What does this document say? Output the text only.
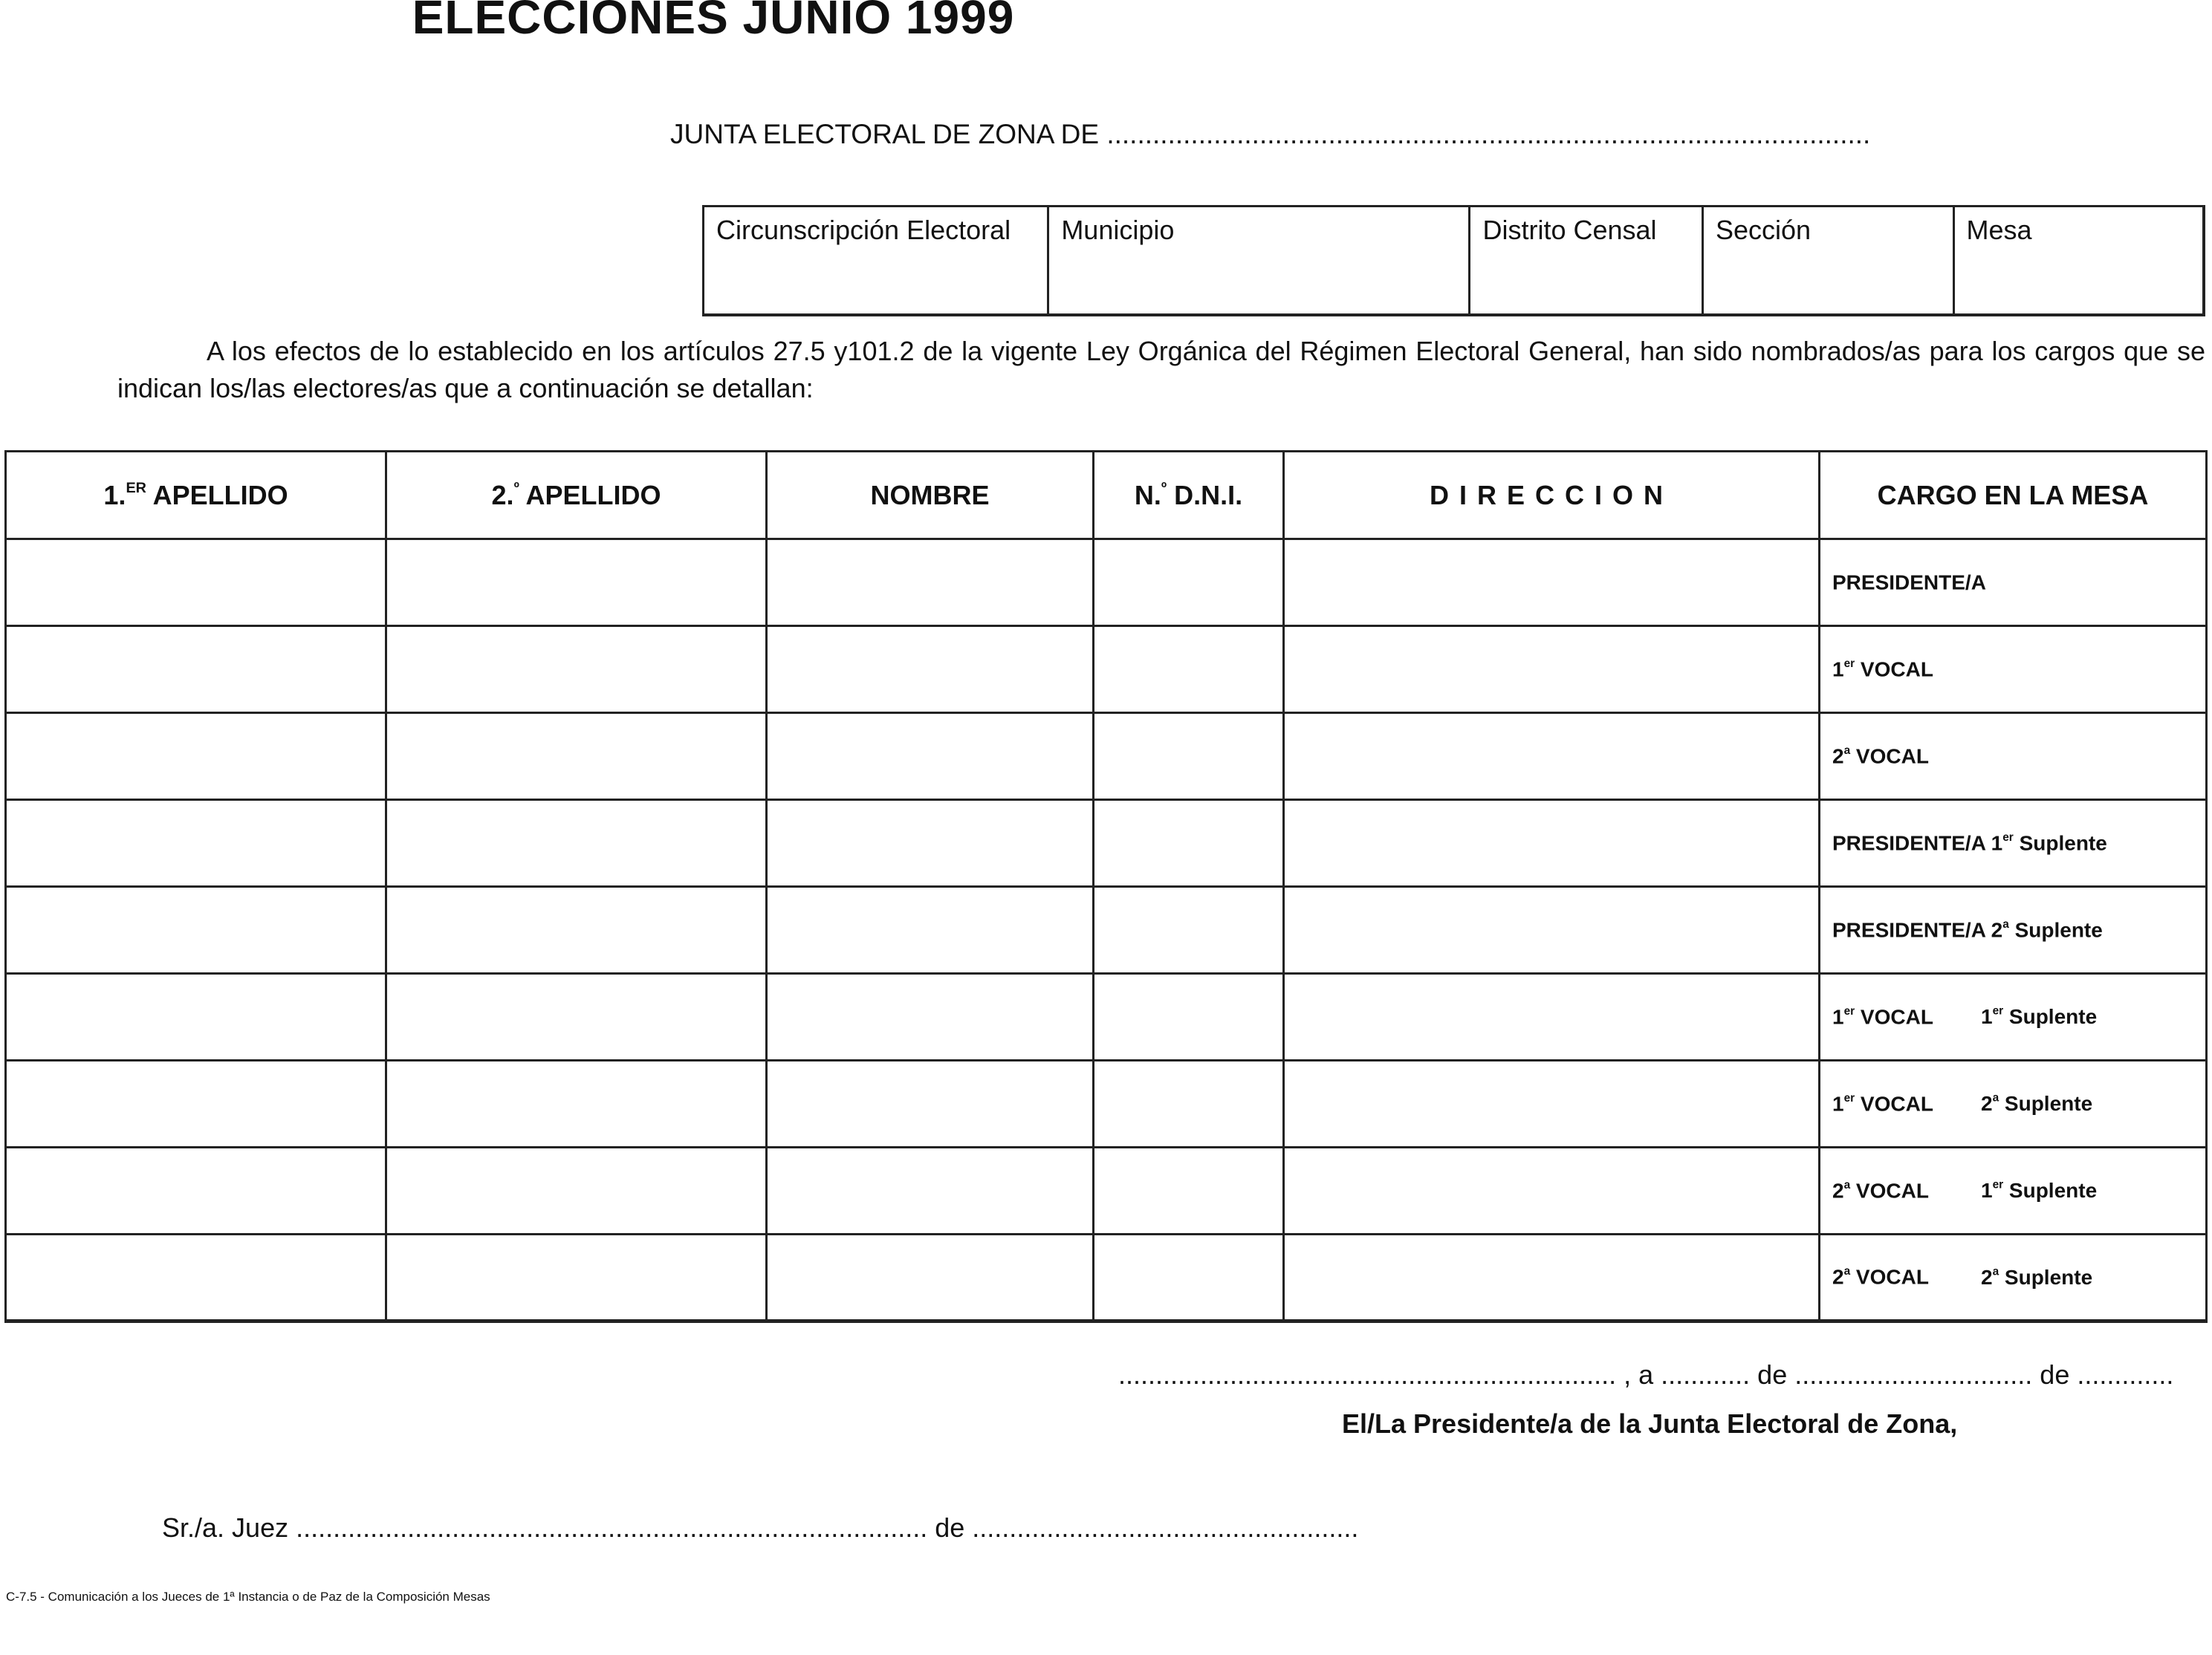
ELECCIONES JUNIO 1999
JUNTA ELECTORAL DE ZONA DE ....................................................................................................
Circunscripción Electoral	Municipio	Distrito Censal	Sección	Mesa
A los efectos de lo establecido en los artículos 27.5 y101.2 de la vigente Ley Orgánica del Régimen Electoral General, han sido nombrados/as para los cargos que se indican los/las electores/as que a continuación se detallan:
1.$^{ER}$ APELLIDO	2.$^º$ APELLIDO	NOMBRE	N.$^º$ D.N.I.	DIRECCION	CARGO EN LA MESA
					PRESIDENTE/A
					1er VOCAL
					2$^a$ VOCAL
					PRESIDENTE/A 1er Suplente
					PRESIDENTE/A 2$^a$ Suplente
					1er VOCAL 1er Suplente
					1er VOCAL 2$^a$ Suplente
					2$^a$ VOCAL 1er Suplente
					2$^a$ VOCAL 2$^a$ Suplente
................................................................... , a ............ de ................................ de .............
El/La Presidente/a de la Junta Electoral de Zona,
Sr./a. Juez ..................................................................................... de ....................................................
C-7.5 - Comunicación a los Jueces de 1ª Instancia o de Paz de la Composición Mesas
